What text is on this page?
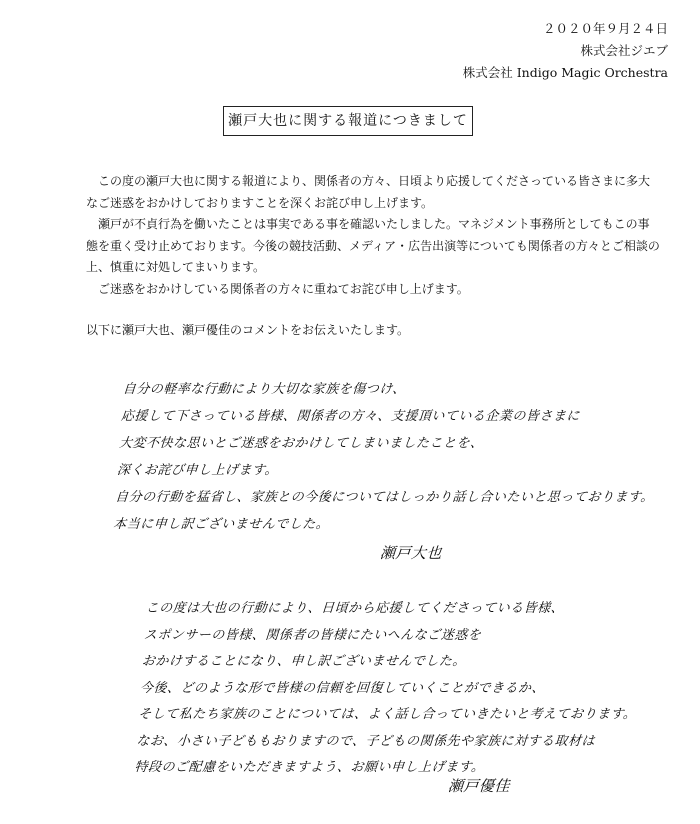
２０２０年９月２４日
株式会社ジエブ
株式会社 Indigo Magic Orchestra
瀬戸大也に関する報道につきまして

この度の瀬戸大也に関する報道により、関係者の方々、日頃より応援してくださっている皆さまに多大なご迷惑をおかけしておりますことを深くお詫び申し上げます。

瀬戸が不貞行為を働いたことは事実である事を確認いたしました。マネジメント事務所としてもこの事態を重く受け止めております。今後の競技活動、メディア・広告出演等についても関係者の方々とご相談の上、慎重に対処してまいります。

ご迷惑をおかけしている関係者の方々に重ねてお詫び申し上げます。

以下に瀬戸大也、瀬戸優佳のコメントをお伝えいたします。
自分の軽率な行動により大切な家族を傷つけ、
応援して下さっている皆様、関係者の方々、支援頂いている企業の皆さまに
大変不快な思いとご迷惑をおかけしてしまいましたことを、
深くお詫び申し上げます。
自分の行動を猛省し、家族との今後についてはしっかり話し合いたいと思っております。
本当に申し訳ございませんでした。
瀬戸大也
この度は大也の行動により、日頃から応援してくださっている皆様、
スポンサーの皆様、関係者の皆様にたいへんなご迷惑を
おかけすることになり、申し訳ございませんでした。
今後、どのような形で皆様の信頼を回復していくことができるか、
そして私たち家族のことについては、よく話し合っていきたいと考えております。
なお、小さい子どももおりますので、子どもの関係先や家族に対する取材は
特段のご配慮をいただきますよう、お願い申し上げます。
瀬戸優佳
